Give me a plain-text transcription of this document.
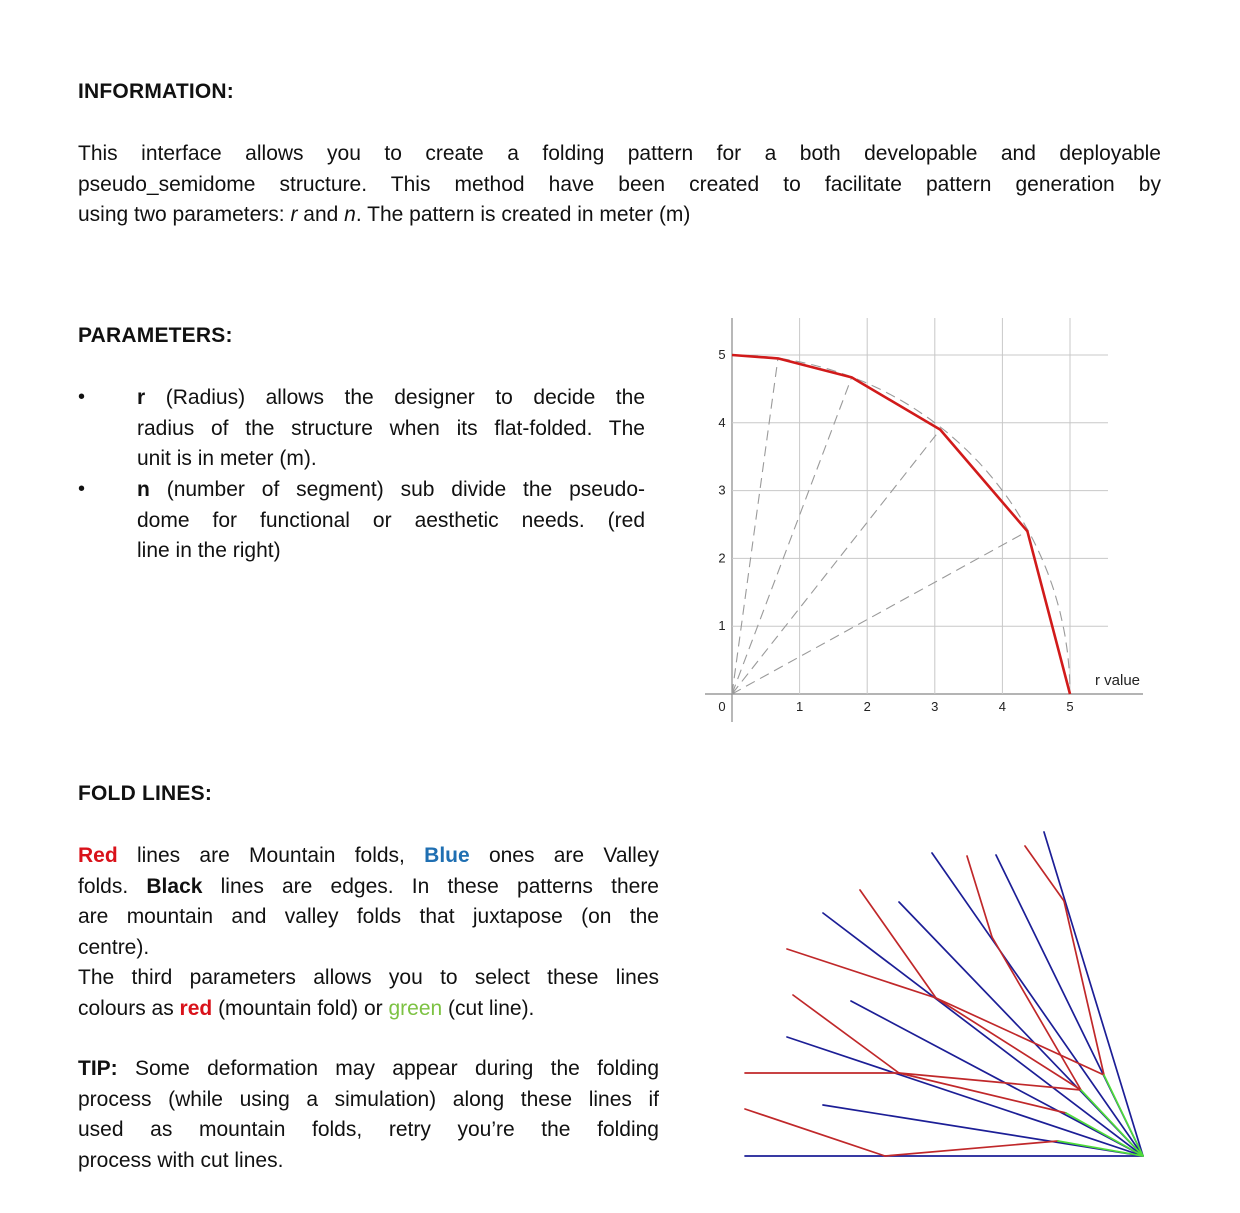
INFORMATION:
This interface allows you to create a folding pattern for a both developable and deployable
pseudo_semidome structure. This method have been created to facilitate pattern generation by
using two parameters: r and n. The pattern is created in meter (m)
PARAMETERS:
• r (Radius) allows the designer to decide the
radius of the structure when its flat-folded. The
unit is in meter (m).
• n (number of segment) sub divide the pseudo-
dome for functional or aesthetic needs. (red
line in the right)
0	1	2	3	4	5
1
2
3
4
5
r value
FOLD LINES:
Red lines are Mountain folds, Blue ones are Valley
folds. Black lines are edges. In these patterns there
are mountain and valley folds that juxtapose (on the
centre).
The third parameters allows you to select these lines
colours as red (mountain fold) or green (cut line).
TIP: Some deformation may appear during the folding
process (while using a simulation) along these lines if
used as mountain folds, retry you’re the folding
process with cut lines.
